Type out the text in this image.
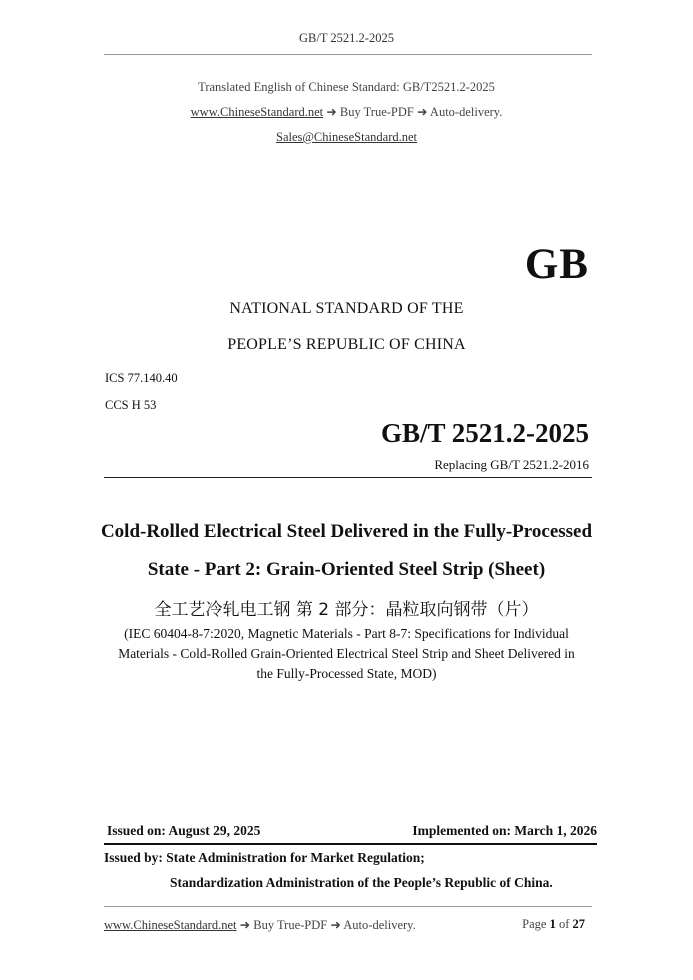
GB/T 2521.2-2025
Translated English of Chinese Standard: GB/T2521.2-2025
www.ChineseStandard.net ➜ Buy True-PDF ➜ Auto-delivery.
Sales@ChineseStandard.net
GB
NATIONAL STANDARD OF THE
PEOPLE’S REPUBLIC OF CHINA
ICS 77.140.40
CCS H 53
GB/T 2521.2-2025
Replacing GB/T 2521.2-2016
Cold-Rolled Electrical Steel Delivered in the Fully-Processed
State - Part 2: Grain-Oriented Steel Strip (Sheet)
全工艺冷轧电工钢 第 2 部分：晶粒取向钢带（片）
(IEC 60404-8-7:2020, Magnetic Materials - Part 8-7: Specifications for Individual
Materials - Cold-Rolled Grain-Oriented Electrical Steel Strip and Sheet Delivered in
the Fully-Processed State, MOD)
Issued on: August 29, 2025	Implemented on: March 1, 2026
Issued by: State Administration for Market Regulation;
Standardization Administration of the People’s Republic of China.
www.ChineseStandard.net ➜ Buy True-PDF ➜ Auto-delivery.	Page 1 of 27
